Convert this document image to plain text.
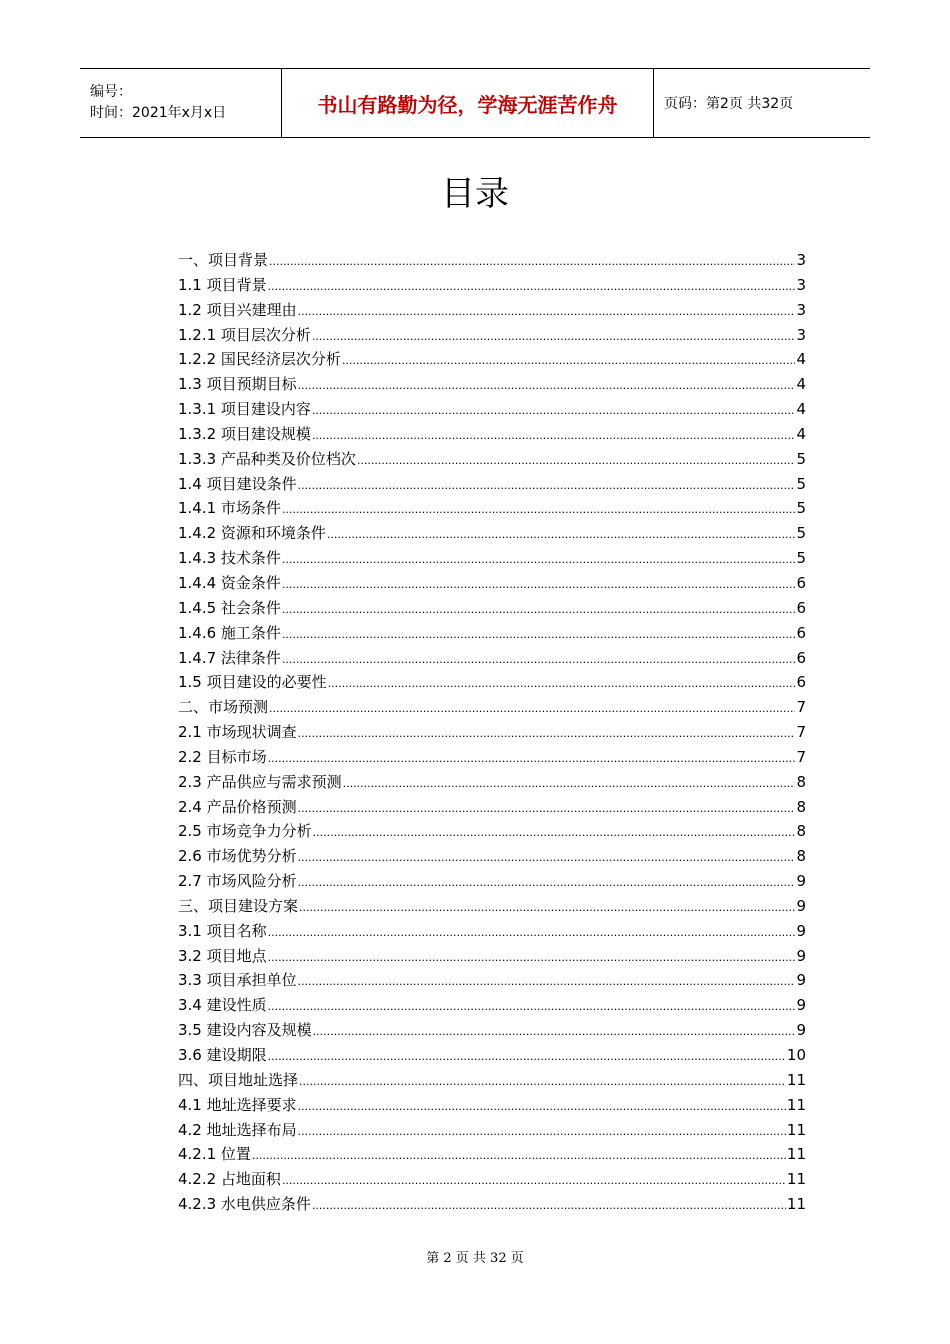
编号：
时间：2021年x月x日	书山有路勤为径，学海无涯苦作舟	页码：第2页 共32页
目录
一、项目背景 .....	3
1.1 项目背景 .....	3
1.2 项目兴建理由 .....	3
1.2.1 项目层次分析 .....	3
1.2.2 国民经济层次分析 .....	4
1.3 项目预期目标 .....	4
1.3.1 项目建设内容 .....	4
1.3.2 项目建设规模 .....	4
1.3.3 产品种类及价位档次 .....	5
1.4 项目建设条件 .....	5
1.4.1 市场条件 .....	5
1.4.2 资源和环境条件 .....	5
1.4.3 技术条件 .....	5
1.4.4 资金条件 .....	6
1.4.5 社会条件 .....	6
1.4.6 施工条件 .....	6
1.4.7 法律条件 .....	6
1.5 项目建设的必要性 .....	6
二、市场预测 .....	7
2.1 市场现状调查 .....	7
2.2 目标市场 .....	7
2.3 产品供应与需求预测 .....	8
2.4 产品价格预测 .....	8
2.5 市场竞争力分析 .....	8
2.6 市场优势分析 .....	8
2.7 市场风险分析 .....	9
三、项目建设方案 .....	9
3.1 项目名称 .....	9
3.2 项目地点 .....	9
3.3 项目承担单位 .....	9
3.4 建设性质 .....	9
3.5 建设内容及规模 .....	9
3.6 建设期限 .....	10
四、项目地址选择 .....	11
4.1 地址选择要求 .....	11
4.2 地址选择布局 .....	11
4.2.1 位置 .....	11
4.2.2 占地面积 .....	11
4.2.3 水电供应条件 .....	11
第 2 页 共 32 页
